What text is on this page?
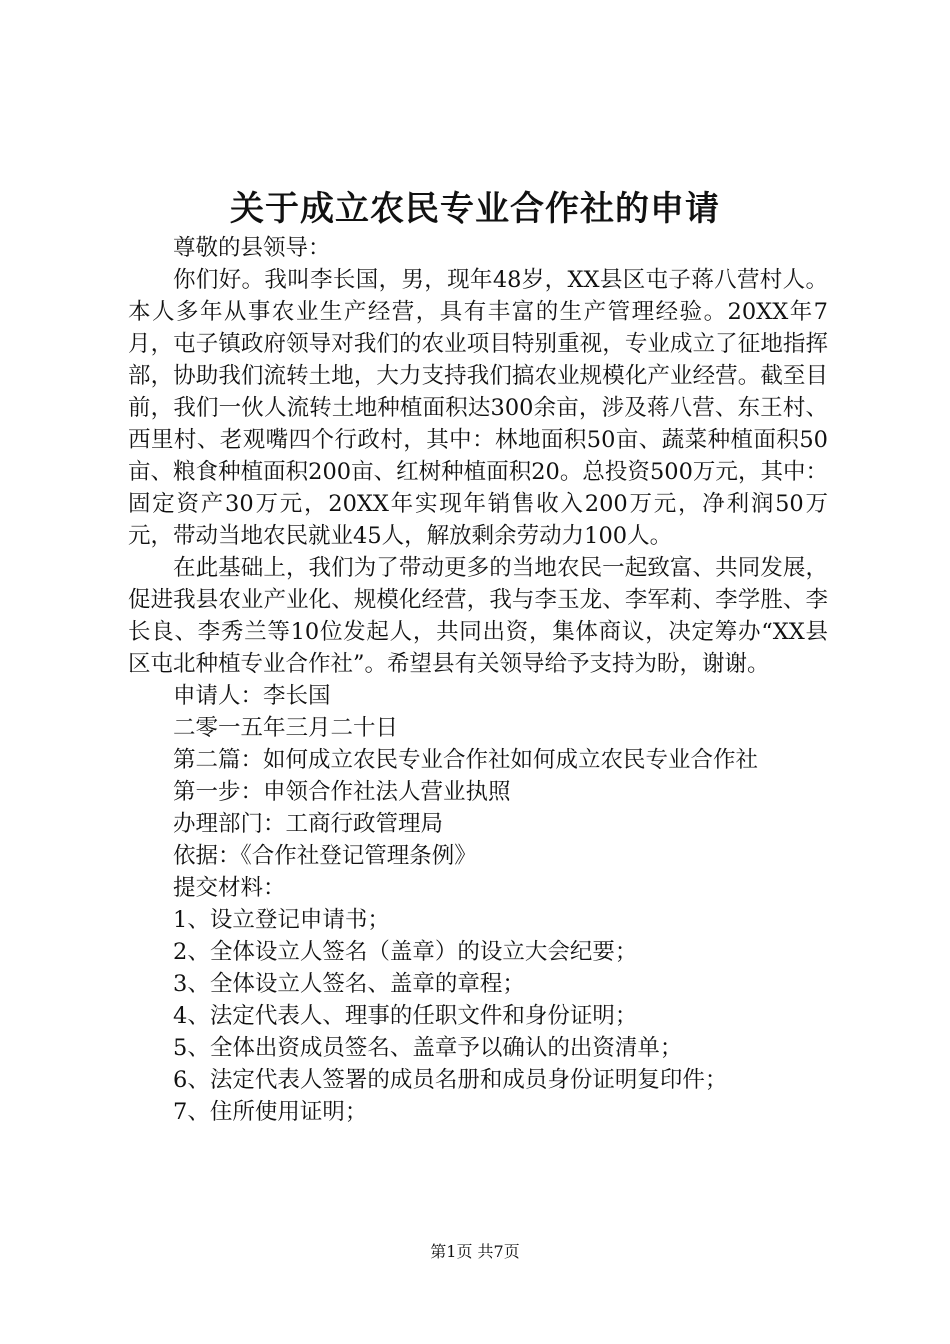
关于成立农民专业合作社的申请

尊敬的县领导：

你们好。我叫李长国，男，现年48岁，XX县区屯子蒋八营村人。本人多年从事农业生产经营，具有丰富的生产管理经验。20XX年7月，屯子镇政府领导对我们的农业项目特别重视，专业成立了征地指挥部，协助我们流转土地，大力支持我们搞农业规模化产业经营。截至目前，我们一伙人流转土地种植面积达300余亩，涉及蒋八营、东王村、西里村、老观嘴四个行政村，其中：林地面积50亩、蔬菜种植面积50亩、粮食种植面积200亩、红树种植面积20。总投资500万元，其中：固定资产30万元，20XX年实现年销售收入200万元，净利润50万元，带动当地农民就业45人，解放剩余劳动力100人。

在此基础上，我们为了带动更多的当地农民一起致富、共同发展，促进我县农业产业化、规模化经营，我与李玉龙、李军莉、李学胜、李长良、李秀兰等10位发起人，共同出资，集体商议，决定筹办“XX县区屯北种植专业合作社”。希望县有关领导给予支持为盼，谢谢。

申请人：李长国

二零一五年三月二十日

第二篇：如何成立农民专业合作社如何成立农民专业合作社

第一步：申领合作社法人营业执照

办理部门：工商行政管理局

依据：《合作社登记管理条例》

提交材料：

1、设立登记申请书；

2、全体设立人签名（盖章）的设立大会纪要；

3、全体设立人签名、盖章的章程；

4、法定代表人、理事的任职文件和身份证明；

5、全体出资成员签名、盖章予以确认的出资清单；

6、法定代表人签署的成员名册和成员身份证明复印件；

7、住所使用证明；

第1页 共7页
